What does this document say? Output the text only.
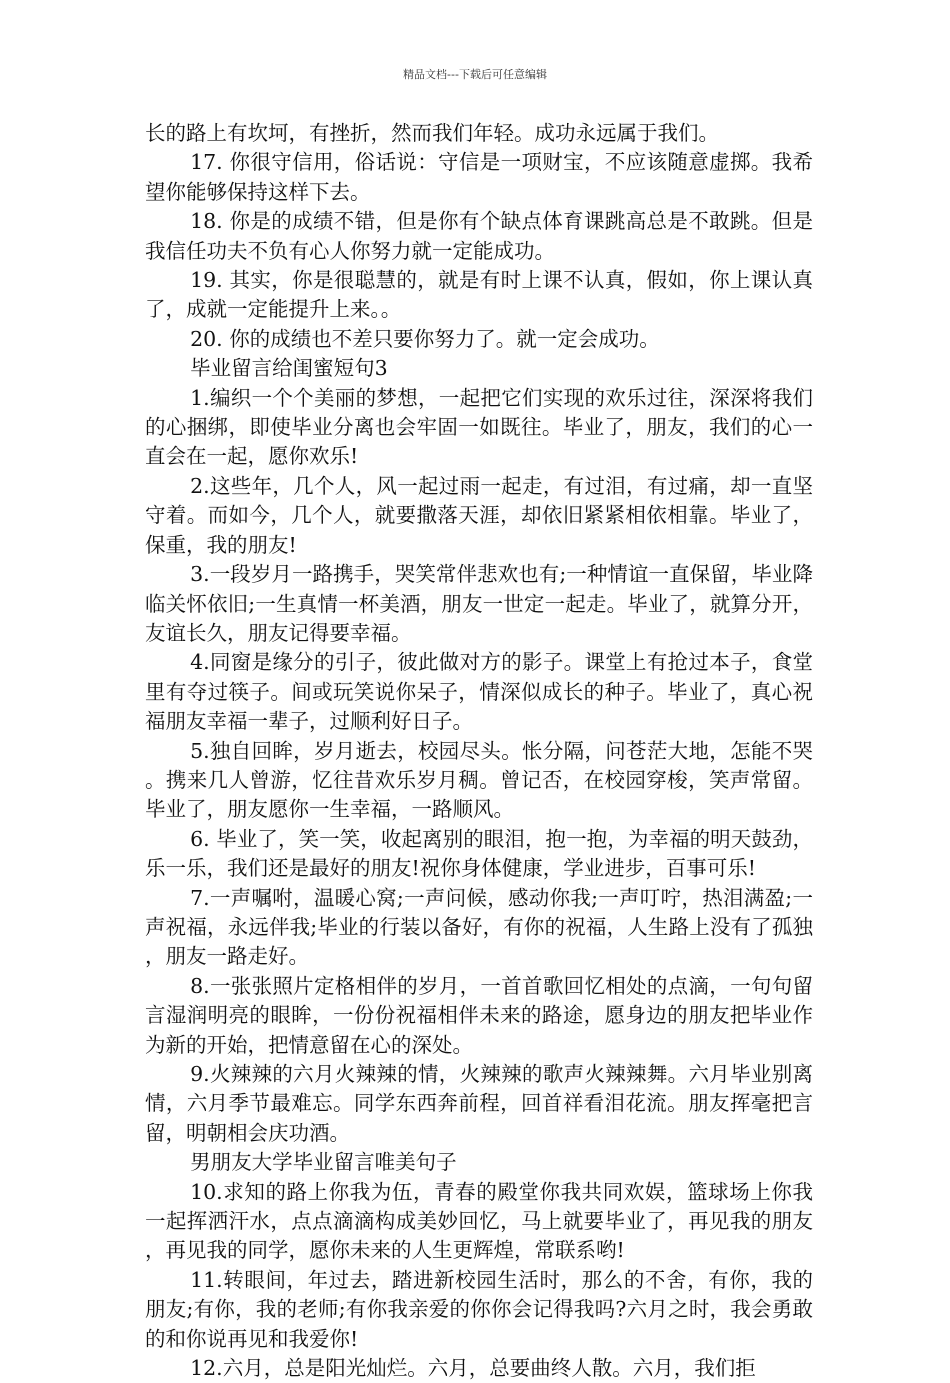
精品文档---下载后可任意编辑

长的路上有坎坷，有挫折，然而我们年轻。成功永远属于我们。

17. 你很守信用，俗话说：守信是一项财宝，不应该随意虚掷。我希望你能够保持这样下去。

18. 你是的成绩不错，但是你有个缺点体育课跳高总是不敢跳。但是我信任功夫不负有心人你努力就一定能成功。

19. 其实，你是很聪慧的，就是有时上课不认真，假如，你上课认真了，成就一定能提升上来。。

20. 你的成绩也不差只要你努力了。就一定会成功。

毕业留言给闺蜜短句3

1.编织一个个美丽的梦想，一起把它们实现的欢乐过往，深深将我们的心捆绑，即使毕业分离也会牢固一如既往。毕业了，朋友，我们的心一直会在一起，愿你欢乐!

2.这些年，几个人，风一起过雨一起走，有过泪，有过痛，却一直坚守着。而如今，几个人，就要撒落天涯，却依旧紧紧相依相靠。毕业了，保重，我的朋友!

3.一段岁月一路携手，哭笑常伴悲欢也有;一种情谊一直保留，毕业降临关怀依旧;一生真情一杯美酒，朋友一世定一起走。毕业了，就算分开，友谊长久，朋友记得要幸福。

4.同窗是缘分的引子，彼此做对方的影子。课堂上有抢过本子，食堂里有夺过筷子。间或玩笑说你呆子，情深似成长的种子。毕业了，真心祝福朋友幸福一辈子，过顺利好日子。

5.独自回眸，岁月逝去，校园尽头。怅分隔，问苍茫大地，怎能不哭。携来几人曾游，忆往昔欢乐岁月稠。曾记否，在校园穿梭，笑声常留。毕业了，朋友愿你一生幸福，一路顺风。

6. 毕业了，笑一笑，收起离别的眼泪，抱一抱，为幸福的明天鼓劲，乐一乐，我们还是最好的朋友!祝你身体健康，学业进步，百事可乐!

7.一声嘱咐，温暖心窝;一声问候，感动你我;一声叮咛，热泪满盈;一声祝福，永远伴我;毕业的行装以备好，有你的祝福，人生路上没有了孤独，朋友一路走好。

8.一张张照片定格相伴的岁月，一首首歌回忆相处的点滴，一句句留言湿润明亮的眼眸，一份份祝福相伴未来的路途，愿身边的朋友把毕业作为新的开始，把情意留在心的深处。

9.火辣辣的六月火辣辣的情，火辣辣的歌声火辣辣舞。六月毕业别离情，六月季节最难忘。同学东西奔前程，回首祥看泪花流。朋友挥毫把言留，明朝相会庆功酒。

男朋友大学毕业留言唯美句子

10.求知的路上你我为伍，青春的殿堂你我共同欢娱，篮球场上你我一起挥洒汗水，点点滴滴构成美妙回忆，马上就要毕业了，再见我的朋友，再见我的同学，愿你未来的人生更辉煌，常联系哟!

11.转眼间，年过去，踏进新校园生活时，那么的不舍，有你，我的朋友;有你，我的老师;有你我亲爱的你你会记得我吗?六月之时，我会勇敢的和你说再见和我爱你!

12.六月，总是阳光灿烂。六月，总要曲终人散。六月，我们拒
